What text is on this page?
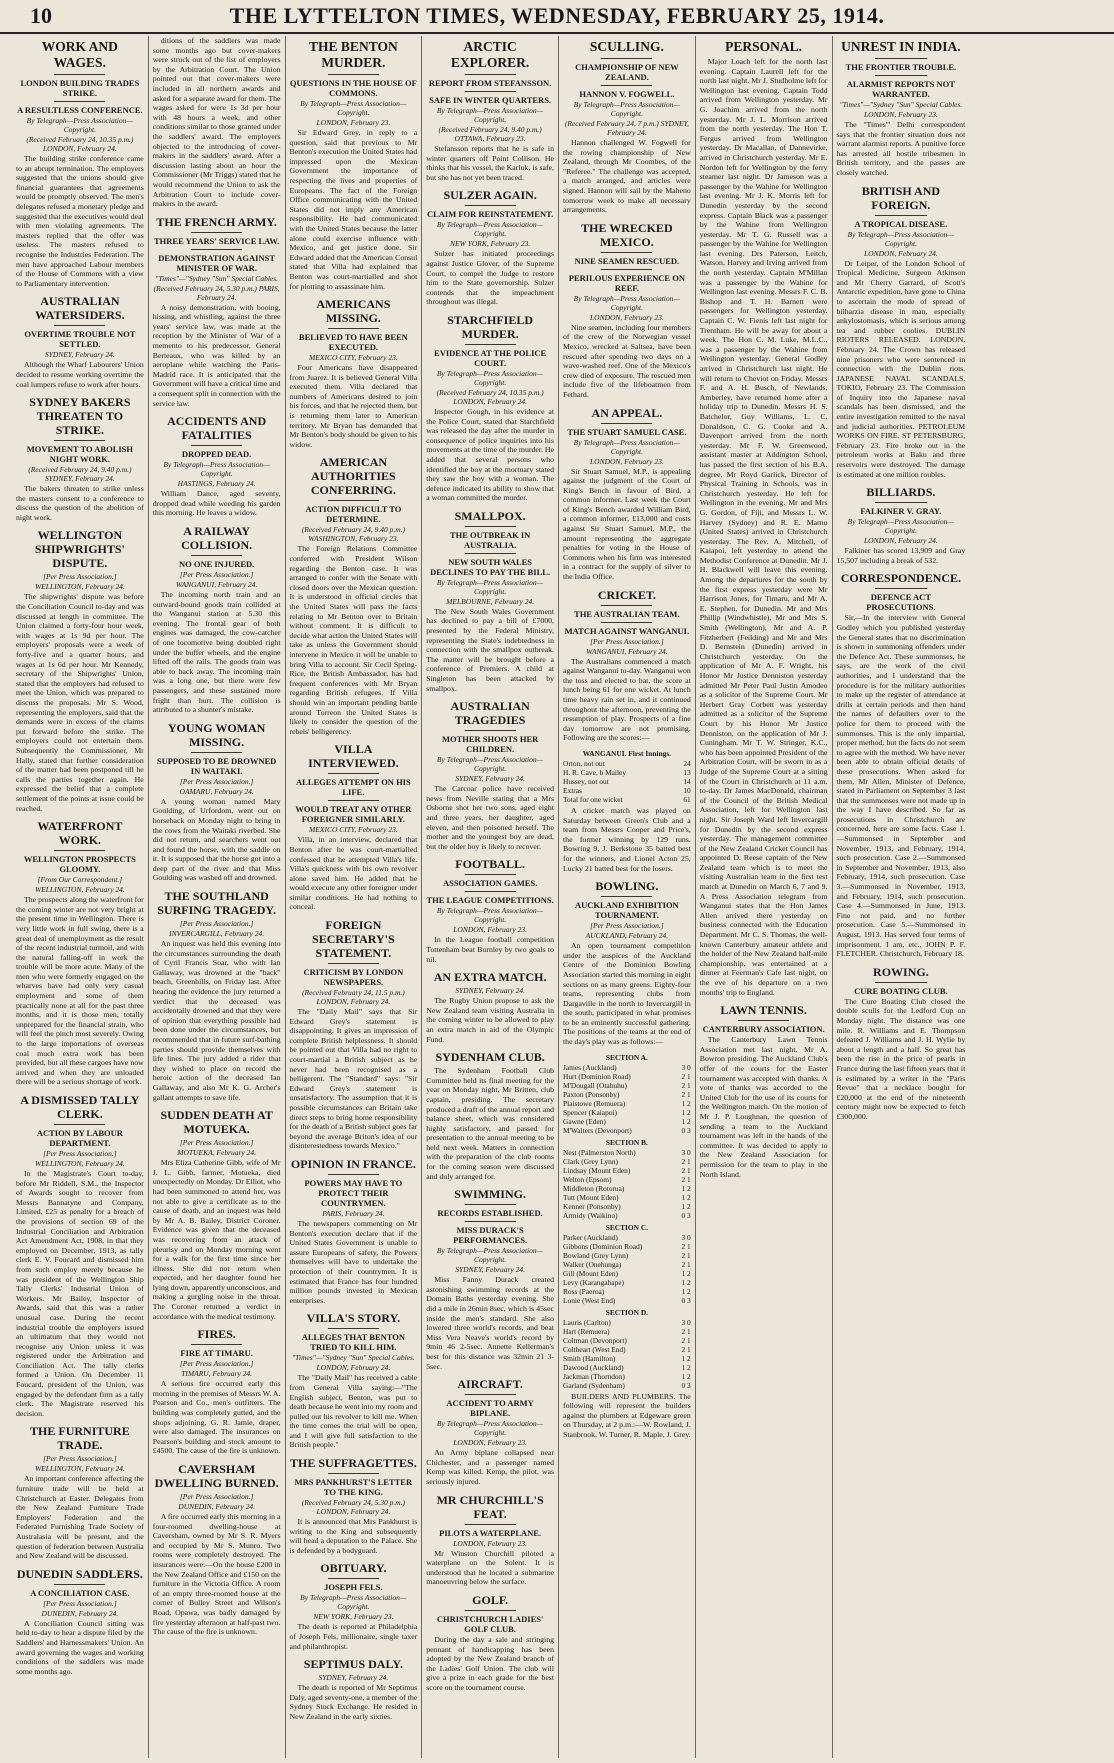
10	THE LYTTELTON TIMES, WEDNESDAY, FEBRUARY 25, 1914.
WORK AND WAGES.
LONDON BUILDING TRADES STRIKE.
A RESULTLESS CONFERENCE.
By Telegraph—Press Association—Copyright.
(Received February 24, 10.35 p.m.) LONDON, February 24.

The building strike conference came to an abrupt termination. The employers suggested that the unions should give financial guarantees that agreements would be promptly observed. The men's delegates refused a monetary pledge and suggested that the executives would deal with men violating agreements. The masters replied that the offer was useless. The masters refused to recognise the Industries Federation. The men have approached Labour members of the House of Commons with a view to Parliamentary intervention.

AUSTRALIAN WATERSIDERS.
OVERTIME TROUBLE NOT SETTLED.
SYDNEY, February 24.

Although the Wharf Labourers' Union decided to resume working overtime the coal lumpers refuse to work after hours.

SYDNEY BAKERS THREATEN TO STRIKE.
MOVEMENT TO ABOLISH NIGHT WORK.
(Received February 24, 9.40 p.m.) SYDNEY, February 24.

The bakers threaten to strike unless the masters consent to a conference to discuss the question of the abolition of night work.

WELLINGTON SHIPWRIGHTS' DISPUTE.
[Per Press Association.]
WELLINGTON, February 24.

The shipwrights' dispute was before the Conciliation Council to-day and was discussed at length in committee. The Union claimed a forty-four hour week, with wages at 1s 9d per hour. The employers' proposals were a week of forty-five and a quarter hours, and wages at 1s 6d per hour. Mr Kennedy, secretary of the Shipwrights' Union, stated that the employers had refused to meet the Union, which was prepared to discuss the proposals. Mr S. Wood, representing the employers, said that the demands were in excess of the claims put forward before the strike. The employers could not entertain them. Subsequently the Commissioner, Mr Hally, stated that further consideration of the matter had been postponed till he calls the parties together again. He expressed the belief that a complete settlement of the points at issue could be reached.

WATERFRONT WORK.
WELLINGTON PROSPECTS GLOOMY.
[From Our Correspondent.]
WELLINGTON, February 24.

The prospects along the waterfront for the coming winter are not very bright at the present time in Wellington. There is very little work in full swing, there is a great deal of unemployment as the result of the recent industrial turmoil, and with the natural falling-off in work the trouble will be more acute. Many of the men who were formerly engaged on the wharves have had only very casual employment and some of them practically none at all for the past three months, and it is those men, totally unprepared for the financial strain, who will feel the pinch most severely. Owing to the large importations of overseas coal much extra work has been provided, but all these cargoes have now arrived and when they are unloaded there will be a serious shortage of work.

A DISMISSED TALLY CLERK.
ACTION BY LABOUR DEPARTMENT.
[Per Press Association.]
WELLINGTON, February 24.

In the Magistrate's Court to-day, before Mr Riddell, S.M., the Inspector of Awards sought to recover from Messrs Bannatyne and Company, Limited, £25 as penalty for a breach of the provisions of section 69 of the Industrial Conciliation and Arbitration Act Amendment Act, 1908, in that they employed on December, 1913, as tally clerk E. V. Foucard and dismissed him from such employ merely because he was president of the Wellington Ship Tally Clerks' Industrial Union of Workers. Mr Bailey, Inspector of Awards, said that this was a rather unusual case. During the recent industrial trouble the employers issued an ultimatum that they would not recognise any Union unless it was registered under the Arbitration and Conciliation Act. The tally clerks formed a Union. On December 11 Foucard, president of the Union, was engaged by the defendant firm as a tally clerk. The Magistrate reserved his decision.

THE FURNITURE TRADE.
[Per Press Association.]
WELLINGTON, February 24.

An important conference affecting the furniture trade will be held at Christchurch at Easter. Delegates from the New Zealand Furniture Trade Employers' Federation and the Federated Furnishing Trade Society of Australasia will be present, and the question of federation between Australia and New Zealand will be discussed.

DUNEDIN SADDLERS.
A CONCILIATION CASE.
[Per Press Association.]
DUNEDIN, February 24.

A Conciliation Council sitting was held to-day to hear a dispute filed by the Saddlers' and Harnessmakers' Union. An award governing the wages and working conditions of the saddlers was made some months ago.

ditions of the saddlers was made some months ago but cover-makers were struck out of the list of employers by the Arbitration Court. The Union pointed out that cover-makers were included in all northern awards and asked for a separate award for them. The wages asked for were 1s 3d per hour with 48 hours a week, and other conditions similar to those granted under the saddlers' award. The employers objected to the introducing of cover-makers in the saddlers' award. After a discussion lasting about an hour the Commissioner (Mr Triggs) stated that he would recommend the Union to ask the Arbitration Court to include cover-makers in the award.

THE FRENCH ARMY.
THREE YEARS' SERVICE LAW.
DEMONSTRATION AGAINST MINISTER OF WAR.
"Times"—"Sydney "Sun" Special Cables.
(Received February 24, 5.30 p.m.) PARIS, February 24.

A noisy demonstration, with booing, hissing, and whistling, against the three years' service law, was made at the reception by the Minister of War of a memento to his predecessor, General Berteaux, who was killed by an aeroplane while watching the Paris-Madrid race. It is anticipated that the Government will have a critical time and a consequent split in connection with the service law.

ACCIDENTS AND FATALITIES
DROPPED DEAD.
By Telegraph—Press Association—Copyright.
HASTINGS, February 24.

William Dance, aged seventy, dropped dead while weeding his garden this morning. He leaves a widow.

A RAILWAY COLLISION.
NO ONE INJURED.
[Per Press Association.]
WANGANUI, February 24.

The incoming north train and an outward-bound goods train collided at the Wanganui station at 5.30 this evening. The frontal gear of both engines was damaged, the cow-catcher of one locomotive being doubled right under the buffer wheels, and the engine lifted off the rails. The goods train was able to back away. The incoming train was a long one, but there were few passengers, and these sustained more fright than hurt. The collision is attributed to a shunter's mistake.

YOUNG WOMAN MISSING.
SUPPOSED TO BE DROWNED IN WAITAKI.
[Per Press Association.]
OAMARU, February 24.

A young woman named Mary Goulding, of Urfordom, went out on horseback on Monday night to bring in the cows from the Waitaki riverbed. She did not return, and searchers went out and found the horse, with the saddle on it. It is supposed that the horse got into a deep part of the river and that Miss Goulding was washed off and drowned.

THE SOUTHLAND SURFING TRAGEDY.
[Per Press Association.]
INVERCARGILL, February 24.

An inquest was held this evening into the circumstances surrounding the death of Cyril Francis Soar, who with Ian Gallaway, was drowned at the "back" beach, Greenhills, on Friday last. After hearing the evidence the jury returned a verdict that the deceased was accidentally drowned and that they were of opinion that everything possible had been done under the circumstances, but recommended that in future surf-bathing parties should provide themselves with life lines. The jury added a rider that they wished to place on record the heroic action of the deceased Ian Gallaway, and also Mr K. G. Archer's gallant attempts to save life.

SUDDEN DEATH AT MOTUEKA.
[Per Press Association.]
MOTUEKA, February 24.

Mrs Eliza Catherine Gibb, wife of Mr J. L. Gibb, farmer, Motueka, died unexpectedly on Monday. Dr Elliot, who had been summoned to attend her, was not able to give a certificate as to the cause of death, and an inquest was held by Mr A. B. Bailey, District Coroner. Evidence was given that the deceased was recovering from an attack of pleurisy and on Monday morning went for a walk for the first time since her illness. She did not return when expected, and her daughter found her lying down, apparently unconscious, and making a gurgling noise in the throat. The Coroner returned a verdict in accordance with the medical testimony.

FIRES.
FIRE AT TIMARU.
[Per Press Association.]
TIMARU, February 24.

A serious fire occurred early this morning in the premises of Messrs W. A. Pearson and Co., men's outfitters. The building was completely gutted, and the shops adjoining, G. R. Jamie, draper, were also damaged. The insurances on Pearson's building and stock amount to £4500. The cause of the fire is unknown.

CAVERSHAM DWELLING BURNED.
[Per Press Association.]
DUNEDIN, February 24.

A fire occurred early this morning in a four-roomed dwelling-house at Caversham, owned by Mr S. R. Myers and occupied by Mr S. Munro. Two rooms were completely destroyed. The insurances were:—On the house £200 in the New Zealand Office and £150 on the furniture in the Victoria Office. A room of an empty three-roomed house at the corner of Bulley Street and Wilson's Road, Opawa, was badly damaged by fire yesterday afternoon at half-past two. The cause of the fire is unknown.

THE BENTON MURDER.
QUESTIONS IN THE HOUSE OF COMMONS.
By Telegraph—Press Association—Copyright.
LONDON, February 23.

Sir Edward Grey, in reply to a question, said that previous to Mr Benton's execution the United States had impressed upon the Mexican Government the importance of respecting the lives and properties of Europeans. The fact of the Foreign Office communicating with the United States did not imply any American responsibility. He had communicated with the United States because the latter alone could exercise influence with Mexico, and get justice done. Sir Edward added that the American Consul stated that Villa had explained that Benton was court-martialled and shot for plotting to assassinate him.

AMERICANS MISSING.
BELIEVED TO HAVE BEEN EXECUTED.
MEXICO CITY, February 23.

Four Americans have disappeared from Juarez. It is believed General Villa executed them. Villa declared that numbers of Americans desired to join his forces, and that he rejected them, but is returning them later to American territory. Mr Bryan has demanded that Mr Benton's body should be given to his widow.

AMERICAN AUTHORITIES CONFERRING.
ACTION DIFFICULT TO DETERMINE.
(Received February 24, 9.40 p.m.) WASHINGTON, February 23.

The Foreign Relations Committee conferred with President Wilson regarding the Benton case. It was arranged to confer with the Senate with closed doors over the Mexican question. It is understood in official circles that the United States will pass the facts relating to Mr Benton over to Britain without comment. It is difficult to decide what action the United States will take as unless the Government should intervene in Mexico it will be unable to bring Villa to account. Sir Cecil Spring-Rice, the British Ambassador, has had frequent conferences with Mr Bryan regarding British refugees. If Villa should win an important pending battle around Torreon the United States is likely to consider the question of the rebels' belligerency.

VILLA INTERVIEWED.
ALLEGES ATTEMPT ON HIS LIFE.
WOULD TREAT ANY OTHER FOREIGNER SIMILARLY.
MEXICO CITY, February 23.

Villa, in an interview, declared that Benton after he was court-martialled confessed that he attempted Villa's life. Villa's quickness with his own revolver alone saved him. He added that he would execute any other foreigner under similar conditions. He had nothing to conceal.

FOREIGN SECRETARY'S STATEMENT.
CRITICISM BY LONDON NEWSPAPERS.
(Received February 24, 11.5 p.m.) LONDON, February 24.

The "Daily Mail" says that Sir Edward Grey's statement is disappointing. It gives an impression of complete British helplessness. It should be pointed out that Villa had no right to court-martial a British subject as he never had been recognised as a belligerent. The "Standard" says: "Sir Edward Grey's statement is unsatisfactory. The assumption that it is possible circumstances can Britain take direct steps to bring home responsibility for the death of a British subject goes far beyond the average Briton's idea of our disinterestedness towards Mexico."

OPINION IN FRANCE.
POWERS MAY HAVE TO PROTECT THEIR COUNTRYMEN.
PARIS, February 24.

The newspapers commenting on Mr Benton's execution declare that if the United States Government is unable to assure Europeans of safety, the Powers themselves will have to undertake the protection of their countrymen. It is estimated that France has four hundred million pounds invested in Mexican enterprises.

VILLA'S STORY.
ALLEGES THAT BENTON TRIED TO KILL HIM.
"Times"—"Sydney "Sun" Special Cables.
LONDON, February 24.

The "Daily Mail" has received a cable from General Villa saying:—"The English subject, Benton, was put to death because he went into my room and pulled out his revolver to kill me. When the time comes the trial will be open, and I will give full satisfaction to the British people."

THE SUFFRAGETTES.
MRS PANKHURST'S LETTER TO THE KING.
(Received February 24, 5.30 p.m.) LONDON, February 24.

It is announced that Mrs Pankhurst is writing to the King and subsequently will head a deputation to the Palace. She is defended by a bodyguard.

OBITUARY.
JOSEPH FELS.
By Telegraph—Press Association—Copyright.
NEW YORK, February 23.

The death is reported at Philadelphia of Joseph Fels, millionaire, single taxer and philanthropist.

SEPTIMUS DALY.
SYDNEY, February 24.

The death is reported of Mr Septimus Daly, aged seventy-one, a member of the Sydney Stock Exchange. He resided in New Zealand in the early sixties.

ARCTIC EXPLORER.
REPORT FROM STEFANSSON.
SAFE IN WINTER QUARTERS.
By Telegraph—Press Association—Copyright.
(Received February 24, 9.40 p.m.) OTTAWA, February 23.

Stefansson reports that he is safe in winter quarters off Point Collison. He thinks that his vessel, the Karluk, is safe, but she has not yet been traced.

SULZER AGAIN.
CLAIM FOR REINSTATEMENT.
By Telegraph—Press Association—Copyright.
NEW YORK, February 23.

Sulzer has initiated proceedings against Justice Glover, of the Supreme Court, to compel the Judge to restore him to the State governorship. Sulzer contends that the impeachment throughout was illegal.

STARCHFIELD MURDER.
EVIDENCE AT THE POLICE COURT.
By Telegraph—Press Association—Copyright.
(Received February 24, 10.35 p.m.) LONDON, February 24.

Inspector Gough, in his evidence at the Police Court, stated that Starchfield was released the day after the murder in consequence of police inquiries into his movements at the time of the murder. He added that several persons who identified the boy at the mortuary stated they saw the boy with a woman. The defence indicated its ability to show that a woman committed the murder.

SMALLPOX.
THE OUTBREAK IN AUSTRALIA.
NEW SOUTH WALES DECLINES TO PAY THE BILL.
By Telegraph—Press Association—Copyright.
MELBOURNE, February 24.

The New South Wales Government has declined to pay a bill of £7000, presented by the Federal Ministry, representing the State's indebtedness in connection with the smallpox outbreak. The matter will be brought before a conference of Premiers. A child at Singleton has been attacked by smallpox.

AUSTRALIAN TRAGEDIES
MOTHER SHOOTS HER CHILDREN.
By Telegraph—Press Association—Copyright.
SYDNEY, February 24.

The Carcoar police have received news from Neville stating that a Mrs Osborne shot her two sons, aged eight and three years, her daughter, aged eleven, and then poisoned herself. The mother and the youngest boy are dead, but the older boy is likely to recover.

FOOTBALL.
ASSOCIATION GAMES.
THE LEAGUE COMPETITIONS.
By Telegraph—Press Association—Copyright.
LONDON, February 23.

In the League football competition Tottenham beat Burnley by two goals to nil.

AN EXTRA MATCH.
SYDNEY, February 24.

The Rugby Union propose to ask the New Zealand team visiting Australia in the coming winter to be allowed to play an extra match in aid of the Olympic Fund.

SYDENHAM CLUB.

The Sydenham Football Club Committee held its final meeting for the year on Monday night, Mr Britten, club captain, presiding. The secretary produced a draft of the annual report and balance sheet, which was considered highly satisfactory, and passed for presentation to the annual meeting to be held next week. Matters in connection with the preparation of the club rooms for the coming season were discussed and duly arranged for.

SWIMMING.
RECORDS ESTABLISHED.
MISS DURACK'S PERFORMANCES.
By Telegraph—Press Association—Copyright.
SYDNEY, February 24.

Miss Fanny Durack created astonishing swimming records at the Domain Baths yesterday evening. She did a mile in 26min 8sec, which is 45sec inside the men's standard. She also lowered three world's records, and beat Miss Vera Neave's world's record by 9min 46 2-5sec. Annette Kellerman's best for this distance was 32min 21 3-5sec.

AIRCRAFT.
ACCIDENT TO ARMY BIPLANE.
By Telegraph—Press Association—Copyright.
LONDON, February 23.

An Army biplane collapsed near Chichester, and a passenger named Kemp was killed. Kemp, the pilot, was seriously injured.

MR CHURCHILL'S FEAT.
PILOTS A WATERPLANE.
LONDON, February 23.

Mr Winston Churchill piloted a waterplane on the Solent. It is understood that he located a submarine manoeuvring below the surface.

GOLF.
CHRISTCHURCH LADIES' GOLF CLUB.

During the day a sale and stringing pennant of handicapping has been adopted by the New Zealand branch of the Ladies' Golf Union. The club will give a prize in each grade for the best score on the tournament course.

SCULLING.
CHAMPIONSHIP OF NEW ZEALAND.
HANNON V. FOGWELL.
By Telegraph—Press Association—Copyright.
(Received February 24, 7 p.m.) SYDNEY, February 24.

Hannon challenged W. Fogwell for the rowing championship of New Zealand, through Mr Coombes, of the "Referee." The challenge was accepted, a match arranged, and articles were signed. Hannon will sail by the Maheno tomorrow week to make all necessary arrangements.

THE WRECKED MEXICO.
NINE SEAMEN RESCUED.
PERILOUS EXPERIENCE ON REEF.
By Telegraph—Press Association—Copyright.
LONDON, February 23.

Nine seamen, including four members of the crew of the Norwegian vessel Mexico, wrecked at Saltsea, have been rescued after spending two days on a wave-washed reef. One of the Mexico's crew died of exposure. The rescued men include five of the lifeboatmen from Fethard.

AN APPEAL.
THE STUART SAMUEL CASE.
By Telegraph—Press Association—Copyright.
LONDON, February 23.

Sir Stuart Samuel, M.P., is appealing against the judgment of the Court of King's Bench in favour of Bird, a common informer. Last week the Court of King's Bench awarded William Bird, a common informer, £13,000 and costs against Sir Stuart Samuel, M.P., the amount representing the aggregate penalties for voting in the House of Commons when his firm was interested in a contract for the supply of silver to the India Office.

CRICKET.
THE AUSTRALIAN TEAM.
MATCH AGAINST WANGANUI.
[Per Press Association.]
WANGANUI, February 24.

The Australians commenced a match against Wanganui to-day. Wanganui won the toss and elected to bat, the score at lunch being 61 for one wicket. At lunch time heavy rain set in, and it continued throughout the afternoon, preventing the resumption of play. Prospects of a fine day tomorrow are not promising. Following are the scores:—

WANGANUI. First Innings.
Orton, not out	24
H. R. Cave, b Mailey	13
Hussey, not out	14
Extras	10
Total for one wicket	61

A cricket match was played on Saturday between Green's Club and a team from Messrs Cooper and Price's, the former winning by 129 runs. Bowring 9, J. Berkstone 35 batted best for the winners, and Lionel Acton 25, Lucky 21 batted best for the losers.

BOWLING.
AUCKLAND EXHIBITION TOURNAMENT.
[Per Press Association.]
AUCKLAND, February 24.

An open tournament competition under the auspices of the Auckland Centre of the Dominion Bowling Association started this morning in eight sections on as many greens. Eighty-four teams, representing clubs from Dargaville in the north to Invercargill in the south, participated in what promises to be an eminently successful gathering. The positions of the teams at the end of the day's play was as follows:—

SECTION A.
James (Auckland)	3 0
Hurt (Dominion Road)	2 1
M'Dougall (Otahuhu)	2 1
Paxton (Ponsonby)	2 1
Plaistowe (Remuera)	1 2
Spencer (Kaiapoi)	1 2
Gawne (Eden)	1 2
M'Walters (Devonport)	0 3
SECTION B.
Nest (Palmerston North)	3 0
Clark (Grey Lynn)	2 1
Lindsay (Mount Eden)	2 1
Welton (Epsom)	2 1
Middleton (Rotorua)	1 2
Tutt (Mount Eden)	1 2
Kenner (Ponsonby)	1 2
Armidy (Waikino)	0 3
SECTION C.
Parker (Auckland)	3 0
Gibbons (Dominion Road)	2 1
Bowland (Grey Lynn)	2 1
Walker (Onehunga)	2 1
Gill (Mount Eden)	1 2
Levy (Karangahape)	1 2
Ross (Paeroa)	1 2
Lonie (West End)	0 3
SECTION D.
Lauris (Carlton)	3 0
Hart (Remuera)	2 1
Coltman (Devonport)	2 1
Coltheart (West End)	2 1
Smith (Hamilton)	1 2
Dawood (Auckland)	1 2
Jackman (Thorndon)	1 2
Garland (Sydenham)	0 3

BUILDERS AND PLUMBERS. The following will represent the builders against the plumbers at Edgeware green on Thursday, at 2 p.m.:—W. Rowland, J. Stanbrook, W. Turner, R. Maple, J. Grey.

PERSONAL.

Major Loach left for the north last evening. Captain Laurell left for the north last night. Mr J. Studholme left for Wellington last evening. Captain Todd arrived from Wellington yesterday. Mr G. Joachim arrived from the north yesterday. Mr J. L. Morrison arrived from the north yesterday. The Hon T. Fergus arrived from Wellington yesterday. Dr Macallan, of Dannevirke, arrived in Christchurch yesterday. Mr E. Nordon left for Wellington by the ferry steamer last night. Dr Jameson was a passenger by the Wahine for Wellington last evening. Mr J. K. Morris left for Dunedin yesterday by the second express. Captain Black was a passenger by the Wahine from Wellington yesterday. Mr T. G. Russell was a passenger by the Wahine for Wellington last evening. Drs Paterson, Leitch, Watson, Harvey and Irving arrived from the north yesterday. Captain M'Millan was a passenger by the Wahine for Wellington last evening. Messrs F. C. B. Bishop and T. H. Barnett were passengers for Wellington yesterday. Captain C. W. Fienis left last night for Trentham. He will be away for about a week. The Hon C. M. Luke, M.L.C., was a passenger by the Wahine from Wellington yesterday. General Godley arrived in Christchurch last night. He will return to Cheviot on Friday. Messrs F. and A. H. Busch, of Newlands, Amberley, have returned home after a holiday trip to Dunedin. Messrs H. S. Batchelor, Guy Williams, L. C. Donaldson, C. G. Cooke and A. Davenport arrived from the north yesterday. Mr F. W. Greenwood, assistant master at Addington School, has passed the first section of his B.A. degree. Mr Royd Garlick, Director of Physical Training in Schools, was in Christchurch yesterday. He left for Wellington in the evening. Mr and Mrs G. Gordon, of Fiji, and Messrs L. W. Harvey (Sydney) and R. E. Marno (United States) arrived in Christchurch yesterday. The Rev. A. Mitchell, of Kaiapoi, left yesterday to attend the Methodist Conference at Dunedin. Mr J. H. Blackwell will leave this evening. Among the departures for the south by the first express yesterday were Mr Harrison Jones, for Timaru, and Mr A. E. Stephen, for Dunedin. Mr and Mrs Phillip (Windwhistle), Mr and Mrs S. Smith (Wellington), Mr and A. P. Fitzherbert (Feilding) and Mr and Mrs D. Bernstein (Dunedin) arrived in Christchurch yesterday. On the application of Mr A. F. Wright, his Honor Mr Justice Denniston yesterday admitted Mr Peter Paul Justin Amodeo as a solicitor of the Supreme Court. Mr Herbert Gray Corbett was yesterday admitted as a solicitor of the Supreme Court by his Honor Mr Justice Denniston, on the application of Mr J. Cuningham. Mr T. W. Stringer, K.C., who has been appointed President of the Arbitration Court, will be sworn in as a Judge of the Supreme Court at a sitting of the Court in Christchurch at 11 a.m. to-day. Dr James MacDonald, chairman of the Council of the British Medical Association, left for Wellington last night. Sir Joseph Ward left Invercargill for Dunedin by the second express yesterday. The management committee of the New Zealand Cricket Council has appointed D. Reese captain of the New Zealand team which is to meet the visiting Australian team in the first test match at Dunedin on March 6, 7 and 9. A Press Association telegram from Wanganui states that the Hon James Allen arrived there yesterday on business connected with the Education Department. Mr C. S. Thomas, the well-known Canterbury amateur athlete and the holder of the New Zealand half-mile championship, was entertained at a dinner at Feerman's Cafe last night, on the eve of his departure on a two months' trip to England.

LAWN TENNIS.
CANTERBURY ASSOCIATION.

The Canterbury Lawn Tennis Association met last night, Mr A. Bowron presiding. The Auckland Club's offer of the courts for the Easter tournament was accepted with thanks. A vote of thanks was accorded to the United Club for the use of its courts for the Wellington match. On the motion of Mr J. P. Loughnan, the question of sending a team to the Auckland tournament was left in the hands of the committee. It was decided to apply to the New Zealand Association for permission for the team to play in the North Island.

UNREST IN INDIA.
THE FRONTIER TROUBLE.
ALARMIST REPORTS NOT WARRANTED.
"Times"—"Sydney "Sun" Special Cables.
LONDON, February 23.

The "Times'" Delhi correspondent says that the frontier situation does not warrant alarmist reports. A punitive force has arrested all hostile tribesmen in British territory, and the passes are closely watched.

BRITISH AND FOREIGN.
A TROPICAL DISEASE.
By Telegraph—Press Association—Copyright.
LONDON, February 24.

Dr Leiper, of the London School of Tropical Medicine, Surgeon Atkinson and Mr Cherry Garrard, of Scott's Antarctic expedition, have gone to China to ascertain the mode of spread of bilharzia disease in man, especially ankylostomasis, which is serious among tea and rubber coolies. DUBLIN RIOTERS RELEASED. LONDON, February 24. The Crown has released nine prisoners who were sentenced in connection with the Dublin riots. JAPANESE NAVAL SCANDALS. TOKIO, February 23. The Commission of Inquiry into the Japanese naval scandals has been dismissed, and the entire investigation remitted to the naval and judicial authorities. PETROLEUM WORKS ON FIRE. ST PETERSBURG, February 23. Fire broke out in the petroleum works at Baku and three reservoirs were destroyed. The damage is estimated at one million roubles.

BILLIARDS.
FALKINER V. GRAY.
By Telegraph—Press Association—Copyright.
LONDON, February 24.

Falkiner has scored 13,909 and Gray 15,507 including a break of 532.

CORRESPONDENCE.
DEFENCE ACT PROSECUTIONS.

Sir,—In the interview with General Godley which you published yesterday the General states that no discrimination is shown in summoning offenders under the Defence Act. These summonses, he says, are the work of the civil authorities, and I understand that the procedure is for the military authorities to make up the register of attendance at drills at certain periods and then hand the names of defaulters over to the police for them to proceed with the summonses. This is the only impartial, proper method, but the facts do not seem to agree with the method. We have never been able to obtain official details of these prosecutions. When asked for them, Mr Allen, Minister of Defence, stated in Parliament on September 3 last that the summonses were not made up in the way I have described. So far as prosecutions in Christchurch are concerned, here are some facts. Case 1.—Summonsed in September and November, 1913, and February, 1914, such prosecution. Case 2.—Summonsed in September and November, 1913, also February, 1914, such prosecution. Case 3.—Summonsed in November, 1913, and February, 1914, such prosecution. Case 4.—Summonsed in June, 1913. Fine not paid, and no further prosecution. Case 5.—Summonsed in August, 1913. Has served four terms of imprisonment. I am, etc., JOHN P. F. FLETCHER. Christchurch, February 18.

ROWING.
CURE BOATING CLUB.

The Cure Boating Club closed the double sculls for the Ledford Cup on Monday night. The distance was one mile. R. Williams and E. Thompson defeated J. Williams and J. H. Wylie by about a length and a half. So great has been the rise in the price of pearls in France during the last fifteen years that it is estimated by a writer in the "Paris Revue" that a necklace bought for £20,000 at the end of the nineteenth century might now be expected to fetch £300,000.
